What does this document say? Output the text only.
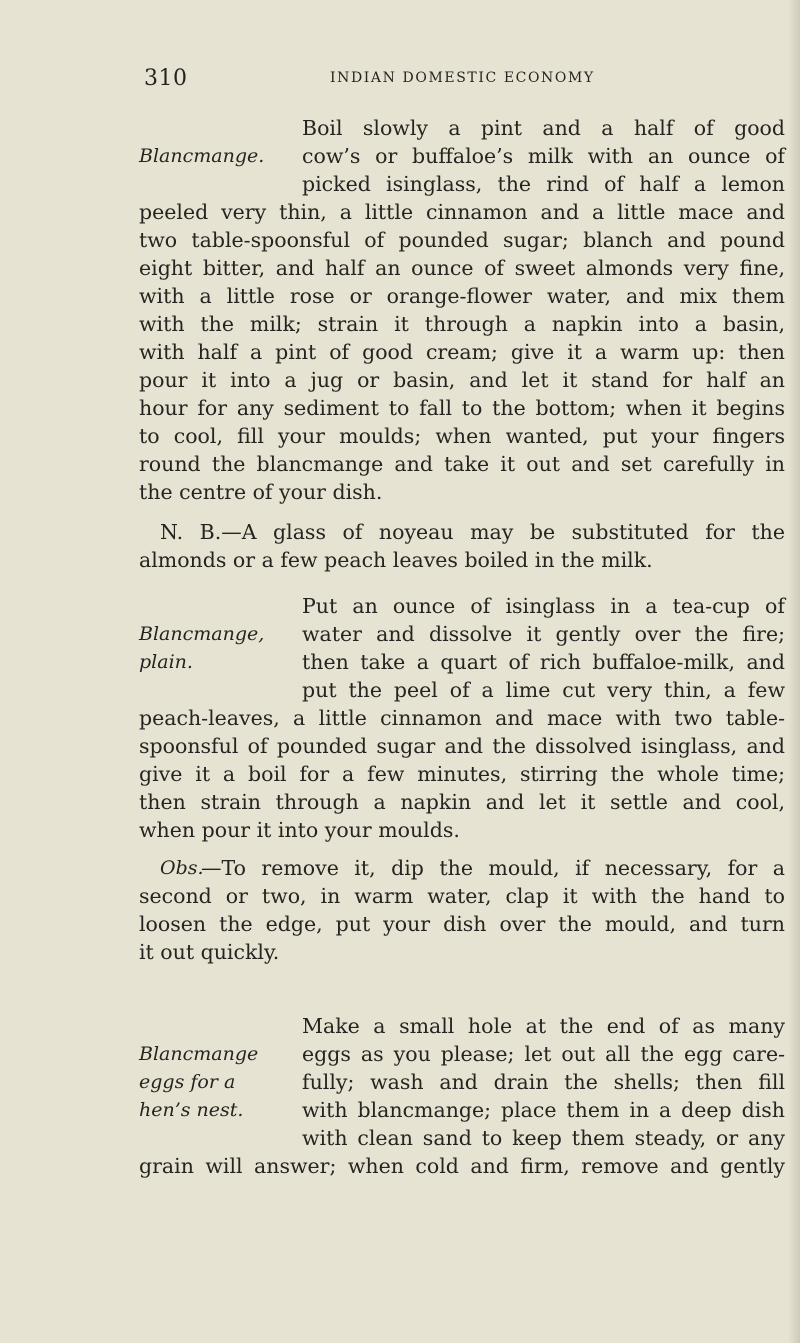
310	INDIAN DOMESTIC ECONOMY
Blancmange.
Boil slowly a pint and a half of good
cow’s or buffaloe’s milk with an ounce of
picked isinglass, the rind of half a lemon
peeled very thin, a little cinnamon and a little mace and
two table-spoonsful of pounded sugar; blanch and pound
eight bitter, and half an ounce of sweet almonds very fine,
with a little rose or orange-flower water, and mix them
with the milk; strain it through a napkin into a basin,
with half a pint of good cream; give it a warm up: then
pour it into a jug or basin, and let it stand for half an
hour for any sediment to fall to the bottom; when it begins
to cool, fill your moulds; when wanted, put your fingers
round the blancmange and take it out and set carefully in
the centre of your dish.
N. B.—A glass of noyeau may be substituted for the
almonds or a few peach leaves boiled in the milk.
Blancmange,
plain.
Put an ounce of isinglass in a tea-cup of
water and dissolve it gently over the fire;
then take a quart of rich buffaloe-milk, and
put the peel of a lime cut very thin, a few
peach-leaves, a little cinnamon and mace with two table-
spoonsful of pounded sugar and the dissolved isinglass, and
give it a boil for a few minutes, stirring the whole time;
then strain through a napkin and let it settle and cool,
when pour it into your moulds.
Obs.
—To remove it, dip the mould, if necessary, for a
second or two, in warm water, clap it with the hand to
loosen the edge, put your dish over the mould, and turn
it out quickly.
Blancmange
eggs for a
hen’s nest.
Make a small hole at the end of as many
eggs as you please; let out all the egg care-
fully; wash and drain the shells; then fill
with blancmange; place them in a deep dish
with clean sand to keep them steady, or any
grain will answer; when cold and firm, remove and gently
